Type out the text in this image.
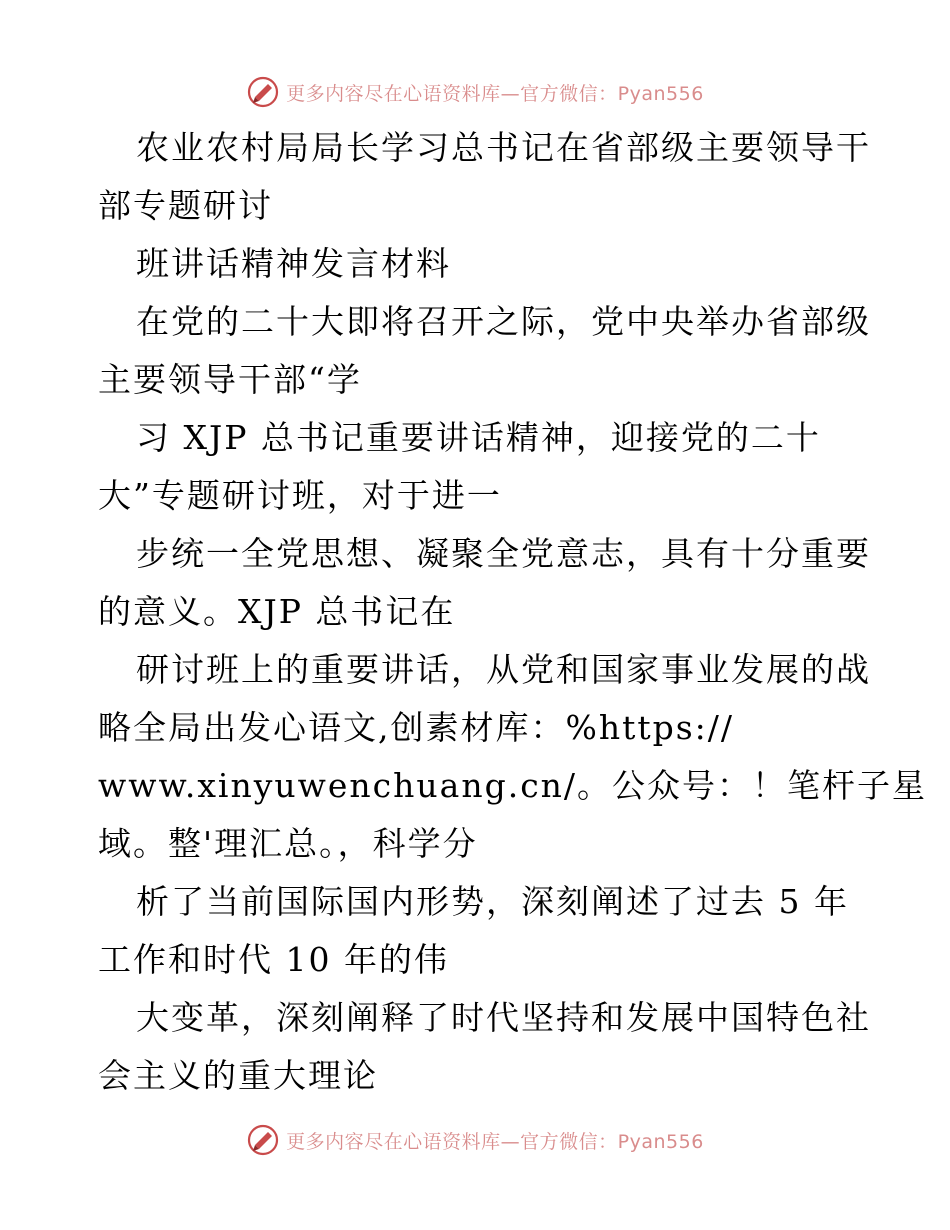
更多内容尽在心语资料库—官方微信：Pyan556
农业农村局局长学习总书记在省部级主要领导干
部专题研讨
班讲话精神发言材料
在党的二十大即将召开之际，党中央举办省部级
主要领导干部“学
习 XJP 总书记重要讲话精神，迎接党的二十
大”专题研讨班，对于进一
步统一全党思想、凝聚全党意志，具有十分重要
的意义。XJP 总书记在
研讨班上的重要讲话，从党和国家事业发展的战
略全局出发心语文,创素材库：%https://
www.xinyuwenchuang.cn/。公众号：！笔杆子星
域。整'理汇总。，科学分
析了当前国际国内形势，深刻阐述了过去 5 年
工作和时代 10 年的伟
大变革，深刻阐释了时代坚持和发展中国特色社
会主义的重大理论
更多内容尽在心语资料库—官方微信：Pyan556
